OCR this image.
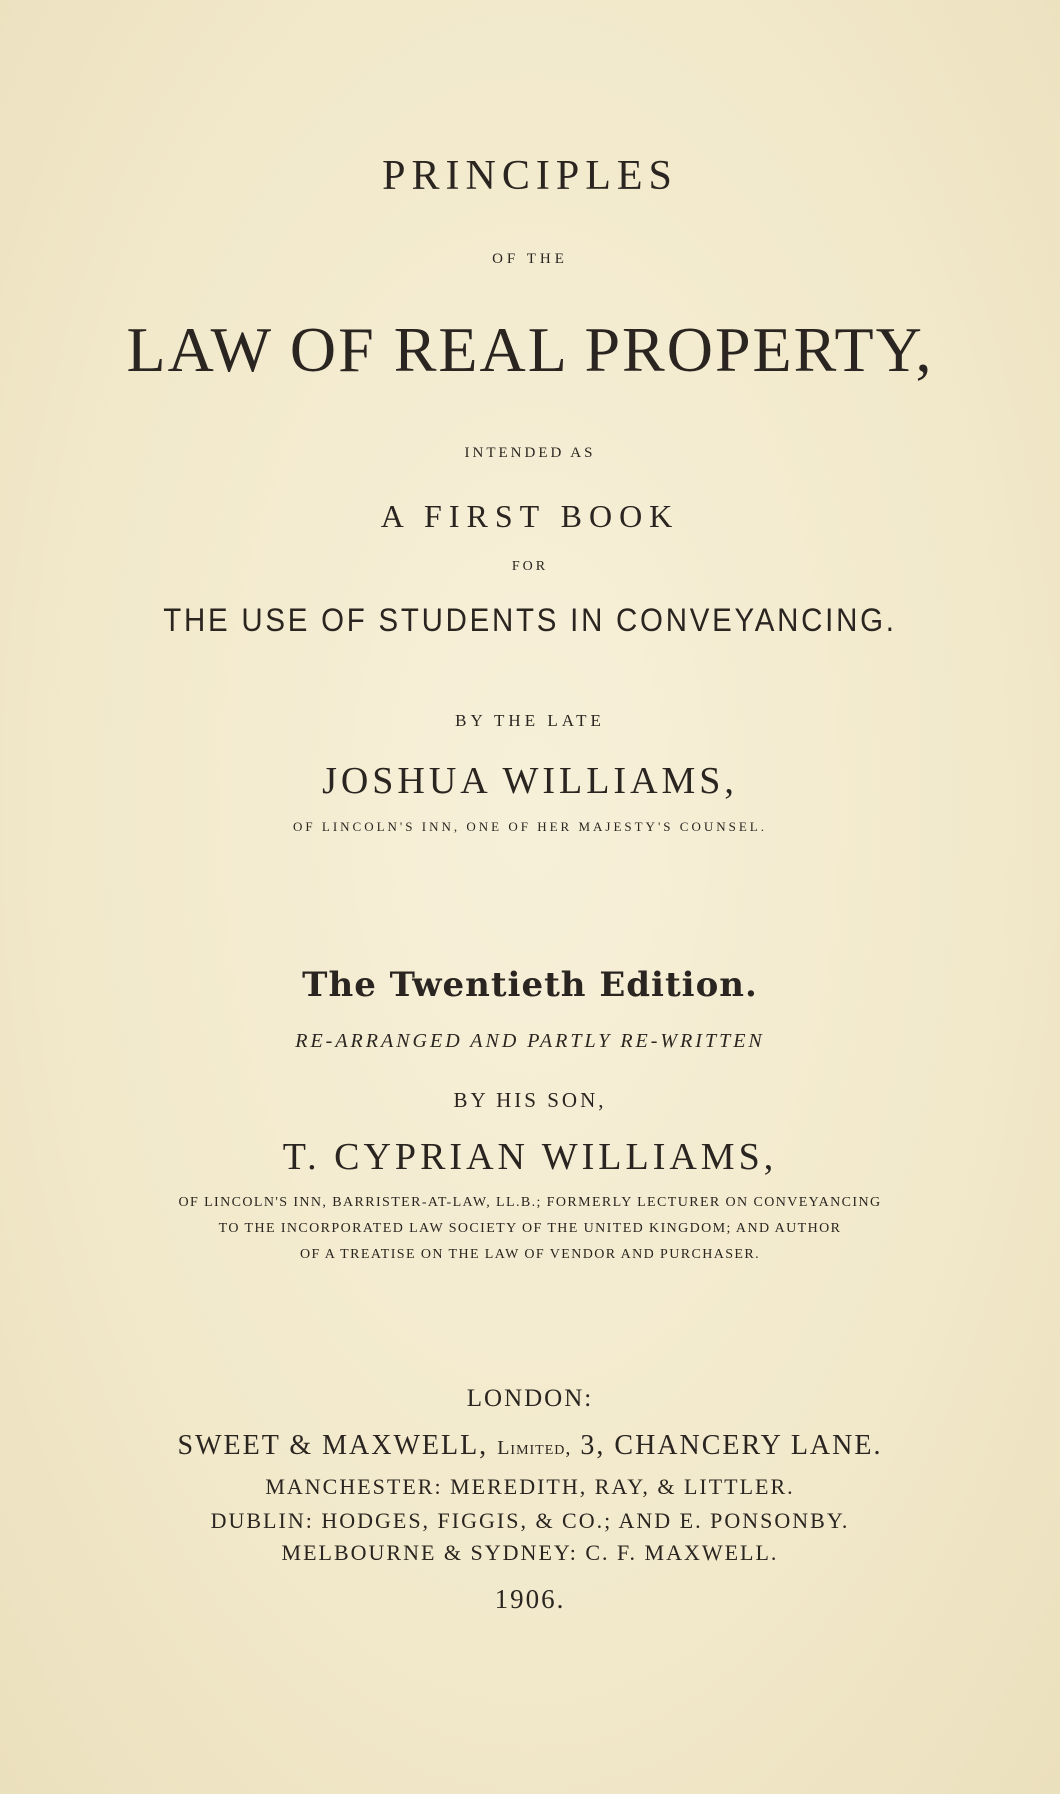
PRINCIPLES
OF THE
LAW OF REAL PROPERTY,
INTENDED AS
A FIRST BOOK
FOR
THE USE OF STUDENTS IN CONVEYANCING.
BY THE LATE
JOSHUA WILLIAMS,
OF LINCOLN'S INN, ONE OF HER MAJESTY'S COUNSEL.
The Twentieth Edition.
RE-ARRANGED AND PARTLY RE-WRITTEN
BY HIS SON,
T. CYPRIAN WILLIAMS,
OF LINCOLN'S INN, BARRISTER-AT-LAW, LL.B.; FORMERLY LECTURER ON CONVEYANCING
TO THE INCORPORATED LAW SOCIETY OF THE UNITED KINGDOM; AND AUTHOR
OF A TREATISE ON THE LAW OF VENDOR AND PURCHASER.
LONDON:
SWEET & MAXWELL, Limited, 3, CHANCERY LANE.
MANCHESTER: MEREDITH, RAY, & LITTLER.
DUBLIN: HODGES, FIGGIS, & CO.; AND E. PONSONBY.
MELBOURNE & SYDNEY: C. F. MAXWELL.
1906.
